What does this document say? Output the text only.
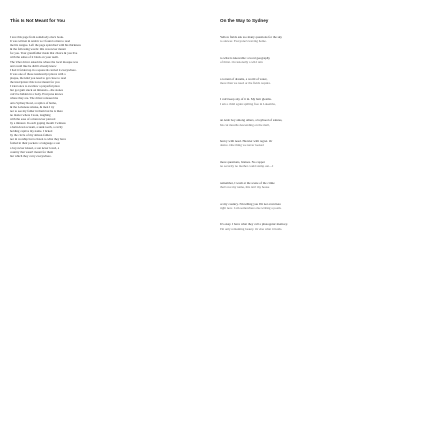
This Is Not Meant for You
I tore this page from somebody else's book.
It was written in Arabic so I found a man to read
me his tongue. Left the page splotched with his thickness
& the following words: this was never meant
for you. Your grandfather made that choice & you live
with the ashes of it black on your teeth.
The Uber driver asked me where the local mosque was
and could like he didn't already know
I had it folded up in a square & carried it everywhere.
It was one of those nondescript places with a
plaque, the kind you need to get close to read
the inscription: this is not meant for you
I tried once to swallow a prayerful place
but got gum stuck on minarets—the stones
can't be hidden in a body. Everyone knows
where they are. The driver released me
onto Sydney Road, a replica of home,
& the Lebanese smoke, & men I try
not to see my father in them but he is there
no matter where I look, laughing
with the ease of a man never pierced
by a minaret. In each gaping mouth I witness
a held-down scream, a sunk tooth, a cavity
holding captive my name. I licked
by the circle of my almost-fathers
not in worship but to listen to what they have
folded in their pockets: a language a son
a boy never kissed, a son never loved, a
country that wasn't meant for them
but which they carry everywhere.
On the Way to Sydney
Yellow fields ask too many questions for the sky
to answer. Everyone's leaving home.
to what is knowable: a local geography
of thirst. Occasionally a wild rain
a torrent of dreams, a world of water,
more than we need or the fields require.
I can't keep any of it in. My hair gleams.
I am a child again spilling free in Lakemba,
an Arab boy among others, a boyhood of salutes,
his cut mouths descending on the mall,
heavy with need. Heavier with regret. Or
desire. One thing we never looked
more questions, bruises. No copper
no security no mother could stamp out—I
remember, I wash at the scene of the crime
that's not my name, this isn't my house
or my country. I'm telling you I'm not even here
right now. I am somewhere else writing a poem.
It's okay. I have what they call a photogenic memory.
I'm only remaining beauty. Or else what it holds.
